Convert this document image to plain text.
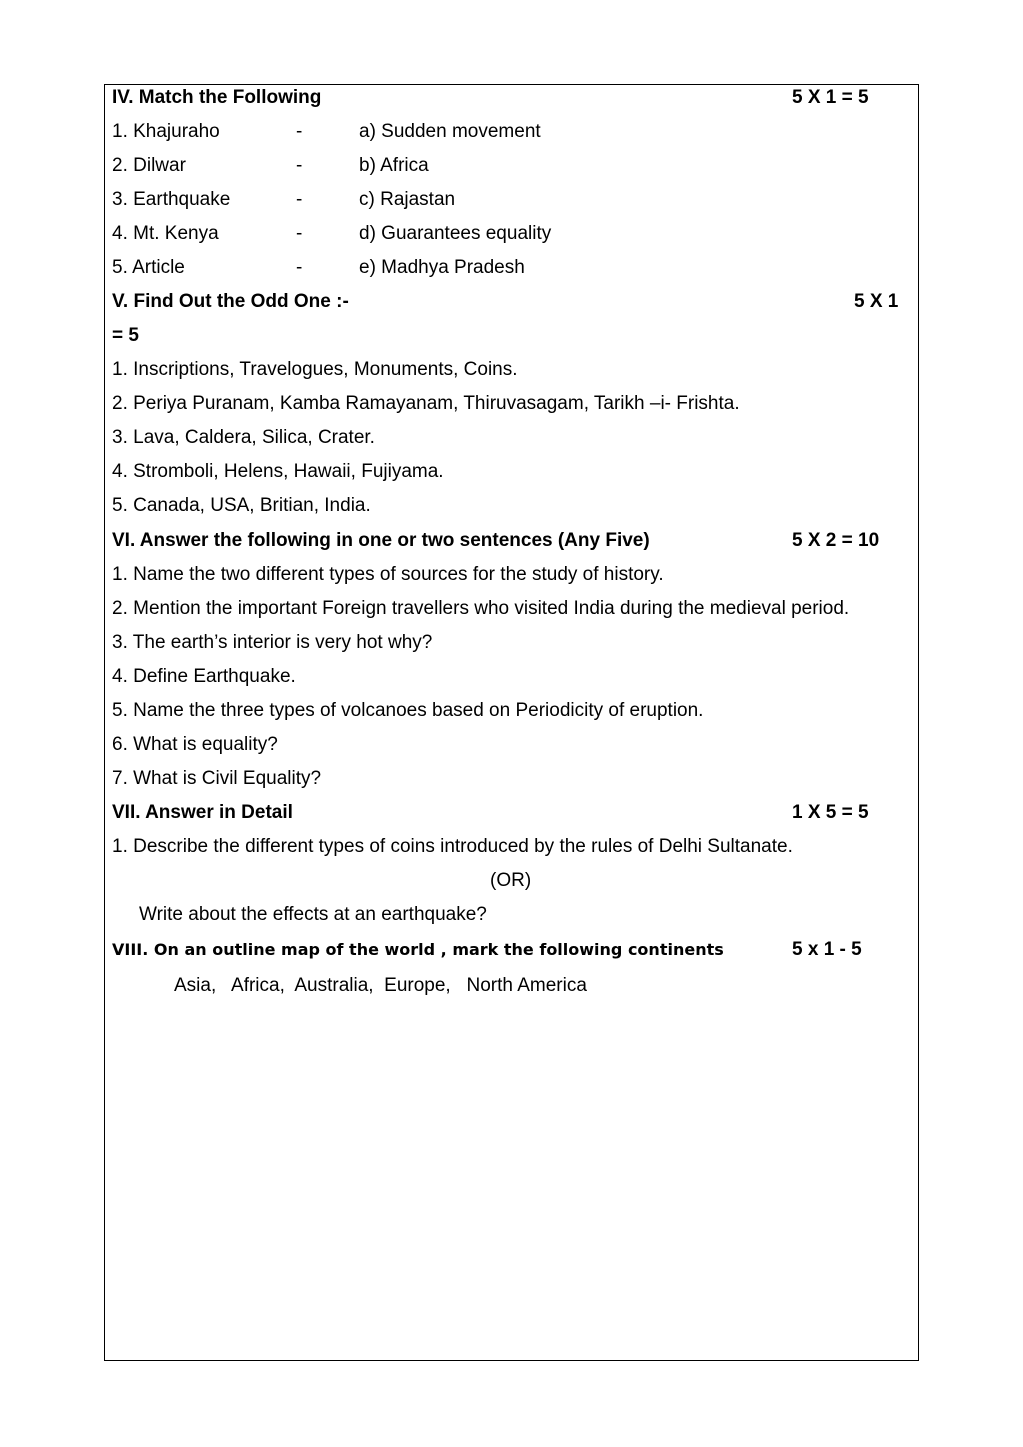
IV. Match the Following	5 X 1 = 5
1. Khajuraho	-	a) Sudden movement
2. Dilwar	-	b) Africa
3. Earthquake	-	c) Rajastan
4. Mt. Kenya	-	d) Guarantees equality
5. Article	-	e) Madhya Pradesh
V. Find Out the Odd One :-	5 X 1
= 5
1. Inscriptions, Travelogues, Monuments, Coins.
2. Periya Puranam, Kamba Ramayanam, Thiruvasagam, Tarikh –i- Frishta.
3. Lava, Caldera, Silica, Crater.
4. Stromboli, Helens, Hawaii, Fujiyama.
5. Canada, USA, Britian, India.
VI. Answer the following in one or two sentences (Any Five)	5 X 2 = 10
1. Name the two different types of sources for the study of history.
2. Mention the important Foreign travellers who visited India during the medieval period.
3. The earth’s interior is very hot why?
4. Define Earthquake.
5. Name the three types of volcanoes based on Periodicity of eruption.
6. What is equality?
7. What is Civil Equality?
VII. Answer in Detail	1 X 5 = 5
1. Describe the different types of coins introduced by the rules of Delhi Sultanate.
(OR)
Write about the effects at an earthquake?
VIII. On an outline map of the world , mark the following continents	5 x 1 - 5
Asia,   Africa,  Australia,  Europe,   North America
